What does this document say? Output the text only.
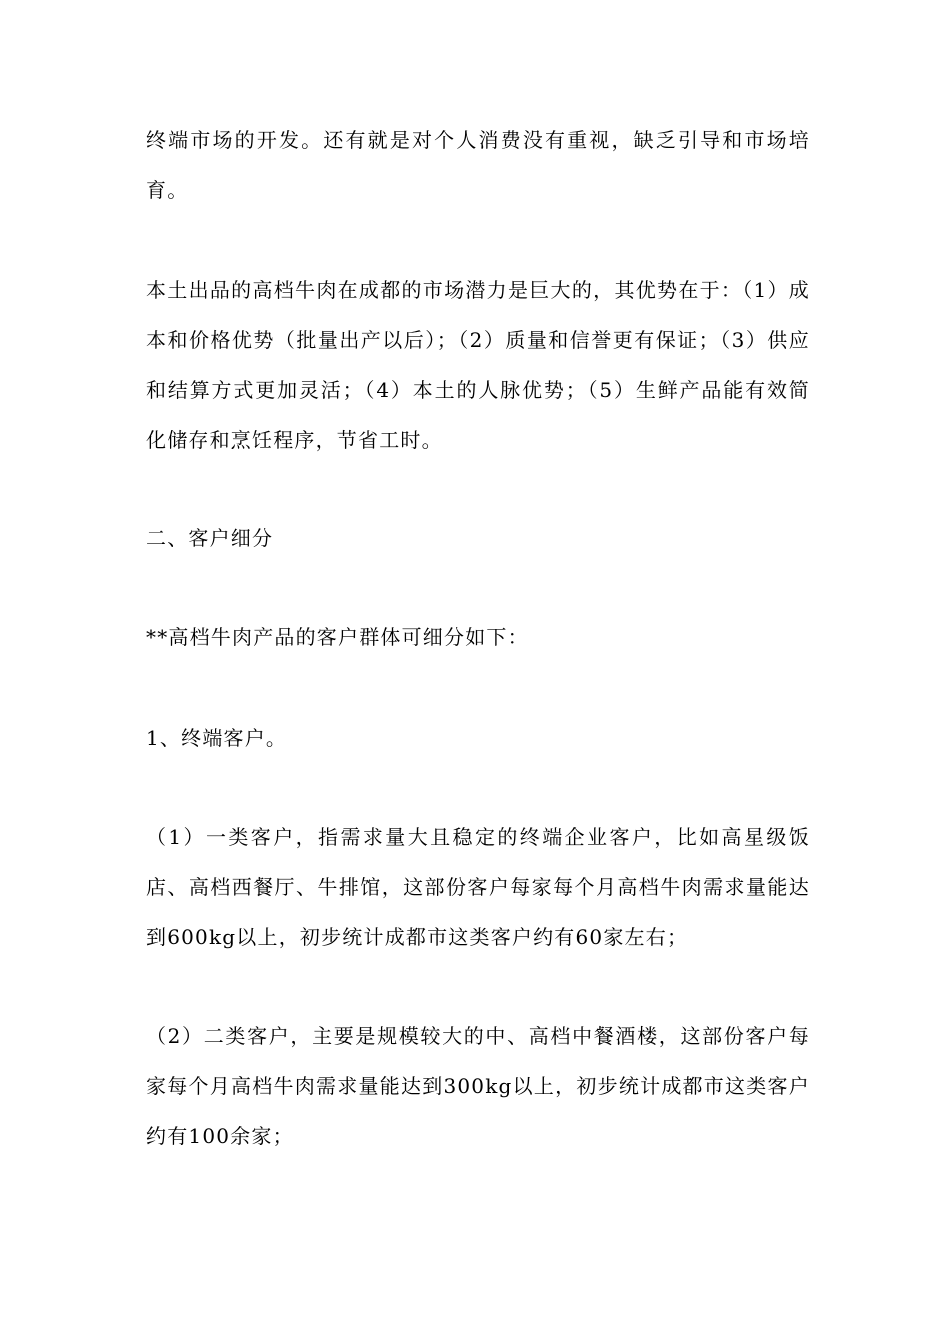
终端市场的开发。还有就是对个人消费没有重视，缺乏引导和市场培育。

本土出品的高档牛肉在成都的市场潜力是巨大的，其优势在于：（1）成本和价格优势（批量出产以后）；（2）质量和信誉更有保证；（3）供应和结算方式更加灵活；（4）本土的人脉优势；（5）生鲜产品能有效简化储存和烹饪程序，节省工时。

二、客户细分

**高档牛肉产品的客户群体可细分如下：

1、终端客户。

（1）一类客户，指需求量大且稳定的终端企业客户，比如高星级饭店、高档西餐厅、牛排馆，这部份客户每家每个月高档牛肉需求量能达到600kg以上，初步统计成都市这类客户约有60家左右；

（2）二类客户，主要是规模较大的中、高档中餐酒楼，这部份客户每家每个月高档牛肉需求量能达到300kg以上，初步统计成都市这类客户约有100余家；
